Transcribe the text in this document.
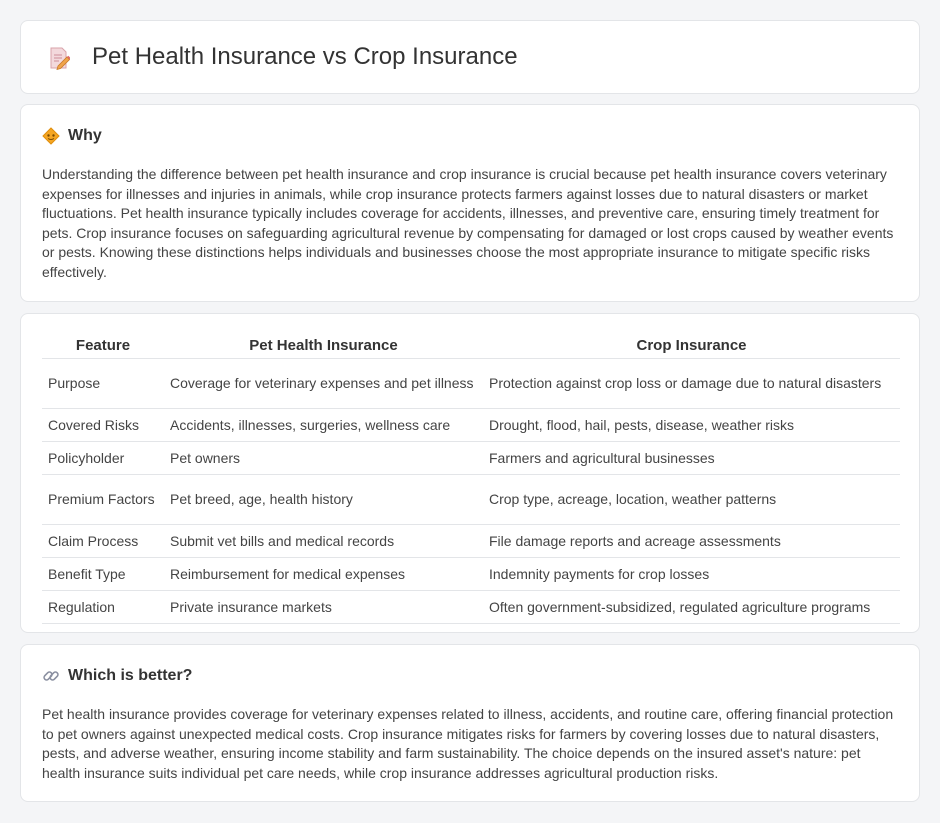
Pet Health Insurance vs Crop Insurance
Why

Understanding the difference between pet health insurance and crop insurance is crucial because pet health insurance covers veterinary expenses for illnesses and injuries in animals, while crop insurance protects farmers against losses due to natural disasters or market fluctuations. Pet health insurance typically includes coverage for accidents, illnesses, and preventive care, ensuring timely treatment for pets. Crop insurance focuses on safeguarding agricultural revenue by compensating for damaged or lost crops caused by weather events or pests. Knowing these distinctions helps individuals and businesses choose the most appropriate insurance to mitigate specific risks effectively.

Feature	Pet Health Insurance	Crop Insurance
Purpose	Coverage for veterinary expenses and pet illness	Protection against crop loss or damage due to natural disasters
Covered Risks	Accidents, illnesses, surgeries, wellness care	Drought, flood, hail, pests, disease, weather risks
Policyholder	Pet owners	Farmers and agricultural businesses
Premium Factors	Pet breed, age, health history	Crop type, acreage, location, weather patterns
Claim Process	Submit vet bills and medical records	File damage reports and acreage assessments
Benefit Type	Reimbursement for medical expenses	Indemnity payments for crop losses
Regulation	Private insurance markets	Often government-subsidized, regulated agriculture programs
Which is better?

Pet health insurance provides coverage for veterinary expenses related to illness, accidents, and routine care, offering financial protection to pet owners against unexpected medical costs. Crop insurance mitigates risks for farmers by covering losses due to natural disasters, pests, and adverse weather, ensuring income stability and farm sustainability. The choice depends on the insured asset's nature: pet health insurance suits individual pet care needs, while crop insurance addresses agricultural production risks.
